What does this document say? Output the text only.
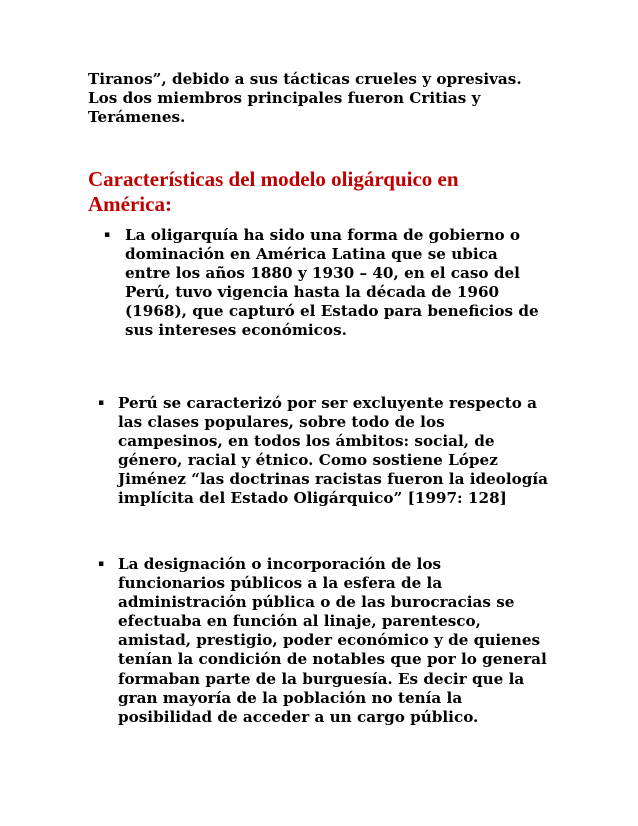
Tiranos”, debido a sus tácticas crueles y opresivas.
Los dos miembros principales fueron Critias y
Terámenes.
Características del modelo oligárquico en
América:
▪ La oligarquía ha sido una forma de gobierno o
dominación en América Latina que se ubica
entre los años 1880 y 1930 – 40, en el caso del
Perú, tuvo vigencia hasta la década de 1960
(1968), que capturó el Estado para beneficios de
sus intereses económicos.
▪ Perú se caracterizó por ser excluyente respecto a
las clases populares, sobre todo de los
campesinos, en todos los ámbitos: social, de
género, racial y étnico. Como sostiene López
Jiménez “las doctrinas racistas fueron la ideología
implícita del Estado Oligárquico” [1997: 128]
▪ La designación o incorporación de los
funcionarios públicos a la esfera de la
administración pública o de las burocracias se
efectuaba en función al linaje, parentesco,
amistad, prestigio, poder económico y de quienes
tenían la condición de notables que por lo general
formaban parte de la burguesía. Es decir que la
gran mayoría de la población no tenía la
posibilidad de acceder a un cargo público.
